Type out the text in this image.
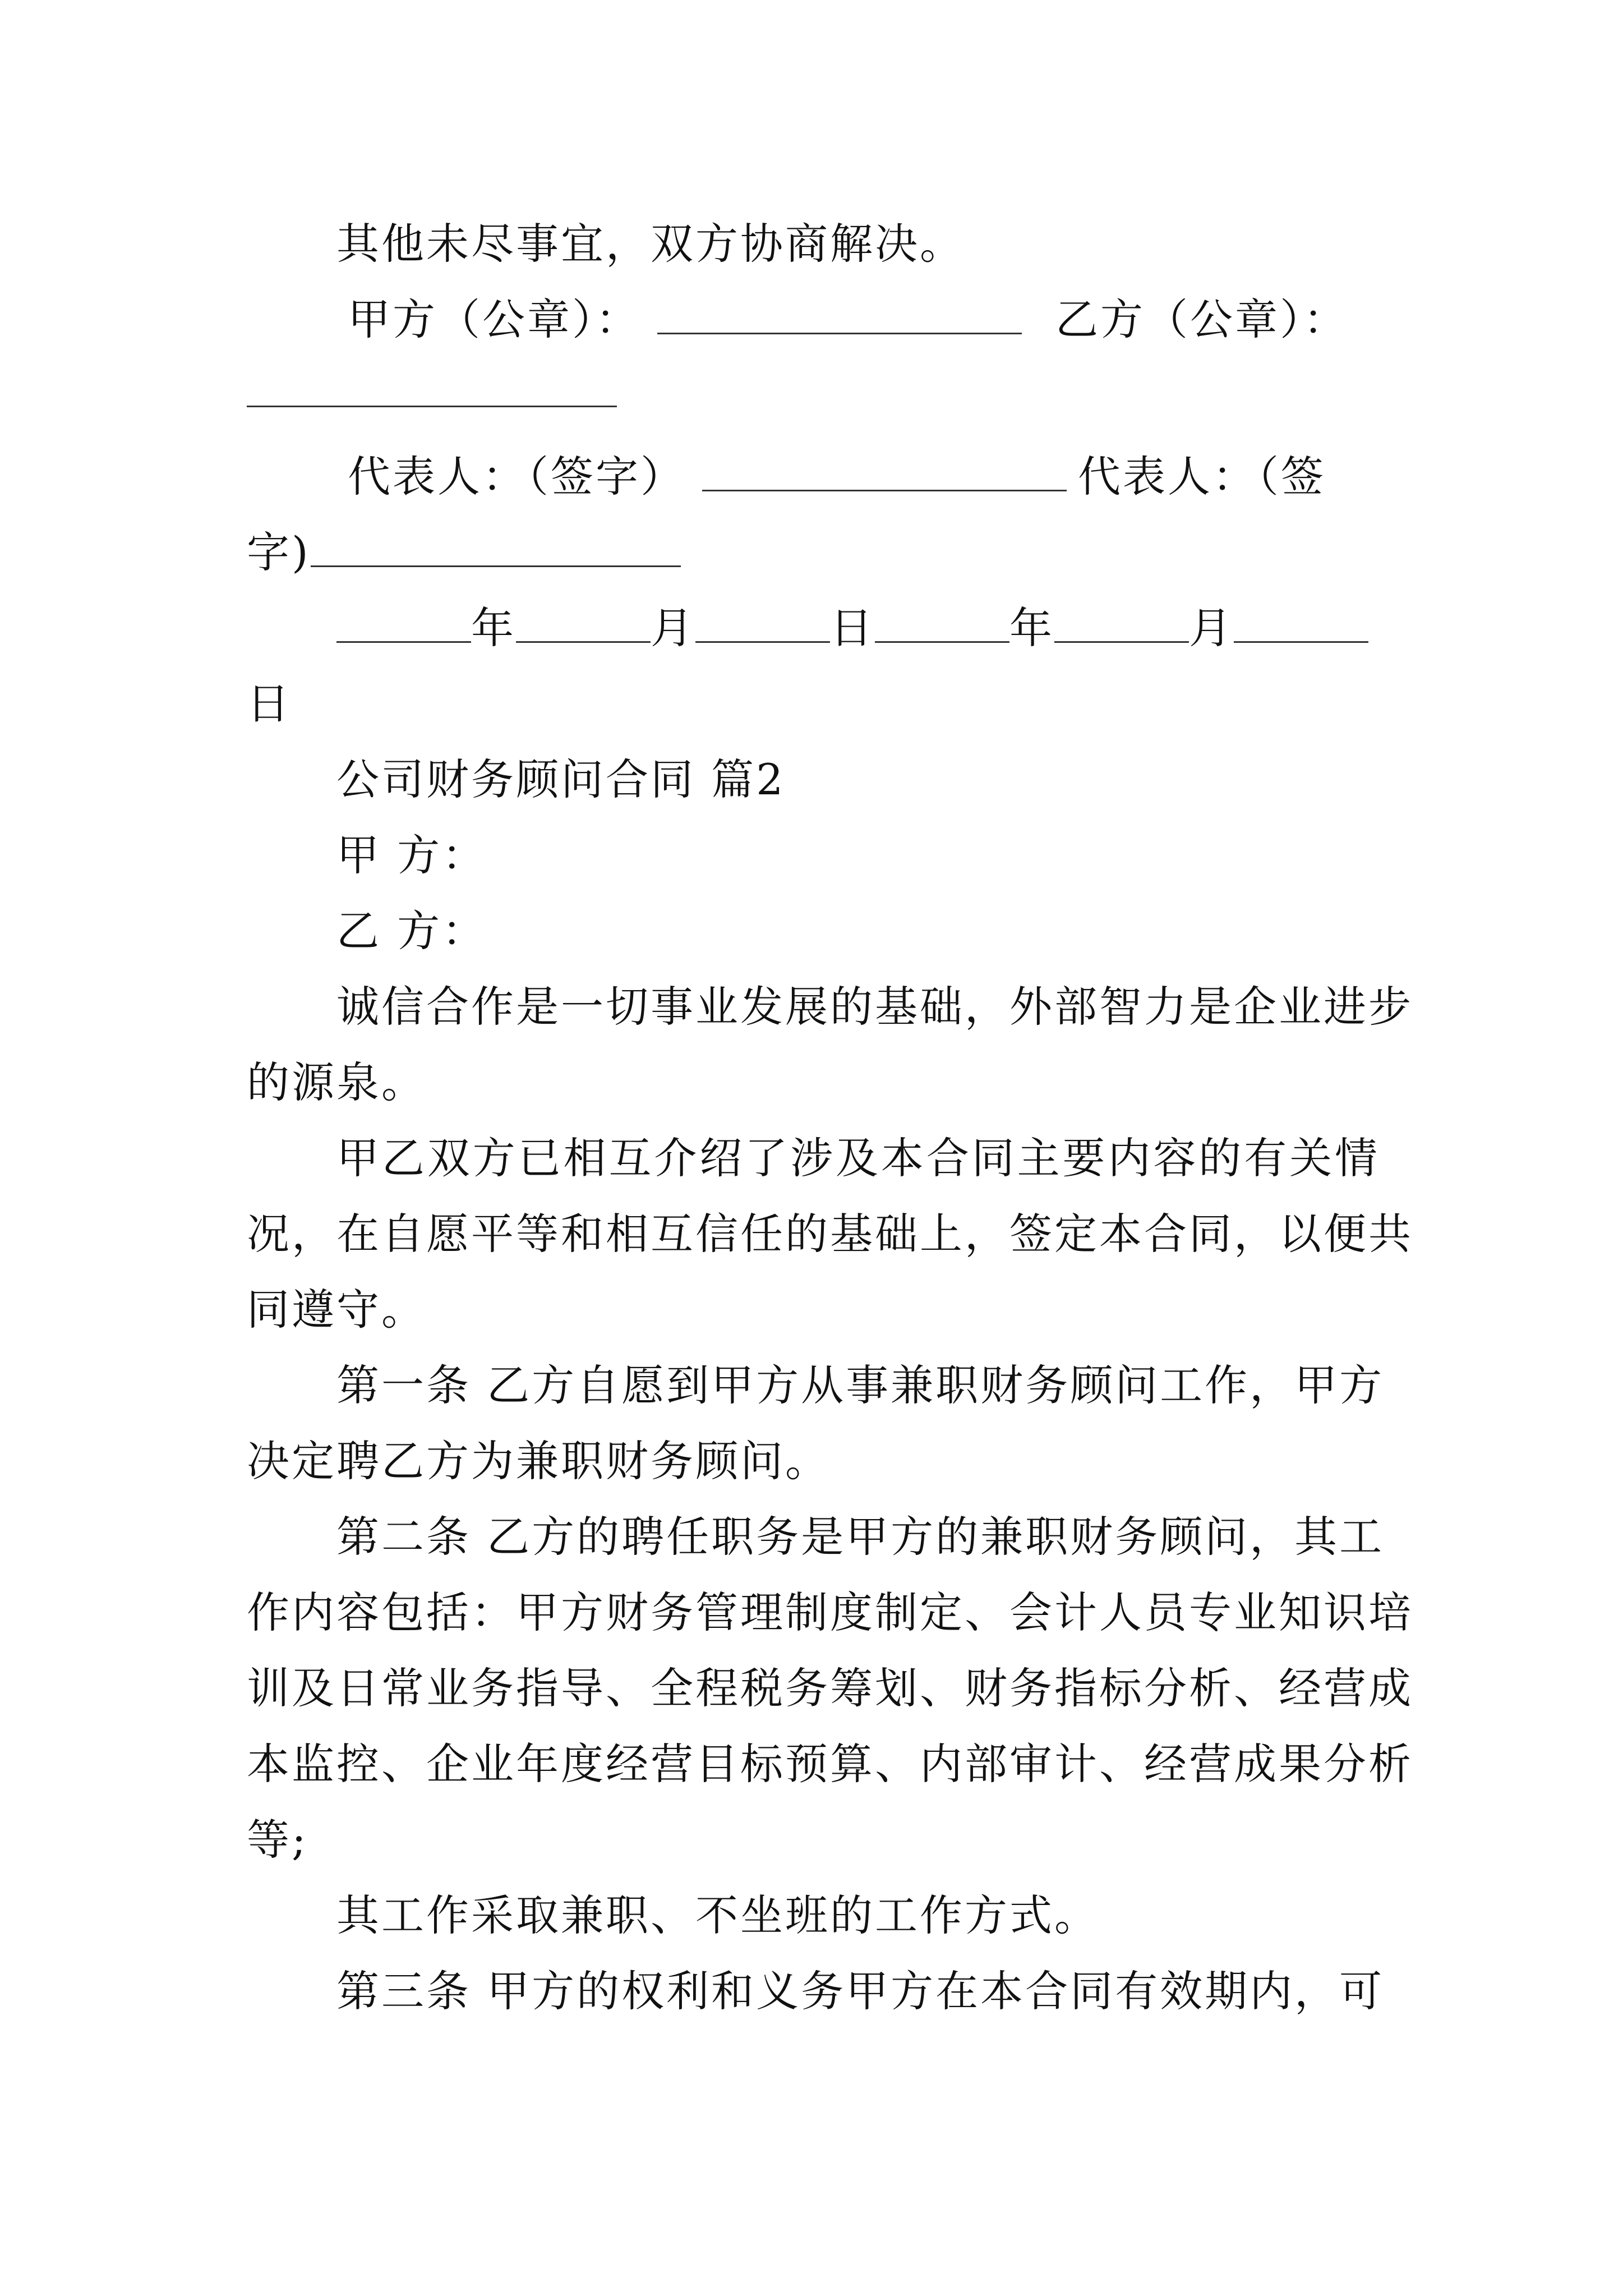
其他未尽事宜，双方协商解决。
甲方（公章）：	乙方（公章）：
代表人：（签字）	代表人：（签
字)
年	月	日	年	月
日
公司财务顾问合同 篇2
甲 方：
乙 方：
诚信合作是一切事业发展的基础，外部智力是企业进步
的源泉。
甲乙双方已相互介绍了涉及本合同主要内容的有关情
况，在自愿平等和相互信任的基础上，签定本合同，以便共
同遵守。
第一条 乙方自愿到甲方从事兼职财务顾问工作，甲方
决定聘乙方为兼职财务顾问。
第二条 乙方的聘任职务是甲方的兼职财务顾问，其工
作内容包括：甲方财务管理制度制定、会计人员专业知识培
训及日常业务指导、全程税务筹划、财务指标分析、经营成
本监控、企业年度经营目标预算、内部审计、经营成果分析
等;
其工作采取兼职、不坐班的工作方式。
第三条 甲方的权利和义务甲方在本合同有效期内，可
